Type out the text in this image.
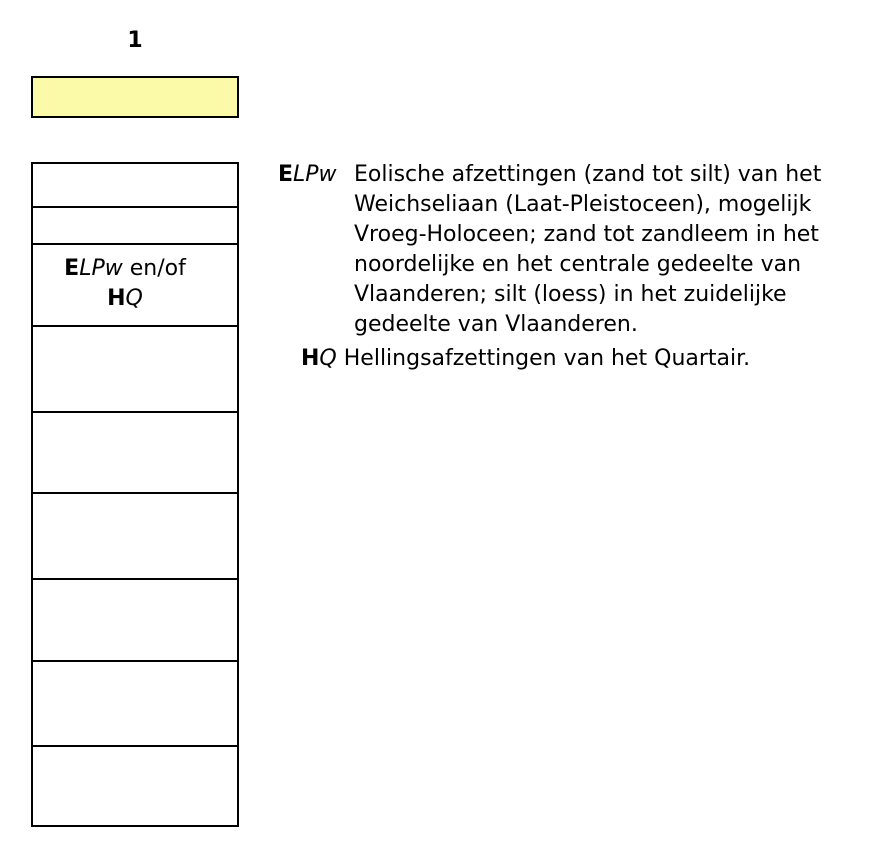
1
ELPw en/of
HQ

ELPw Eolische afzettingen (zand tot silt) van het Weichseliaan (Laat-Pleistoceen), mogelijk Vroeg-Holoceen; zand tot zandleem in het noordelijke en het centrale gedeelte van Vlaanderen; silt (loess) in het zuidelijke gedeelte van Vlaanderen.

HQ Hellingsafzettingen van het Quartair.
